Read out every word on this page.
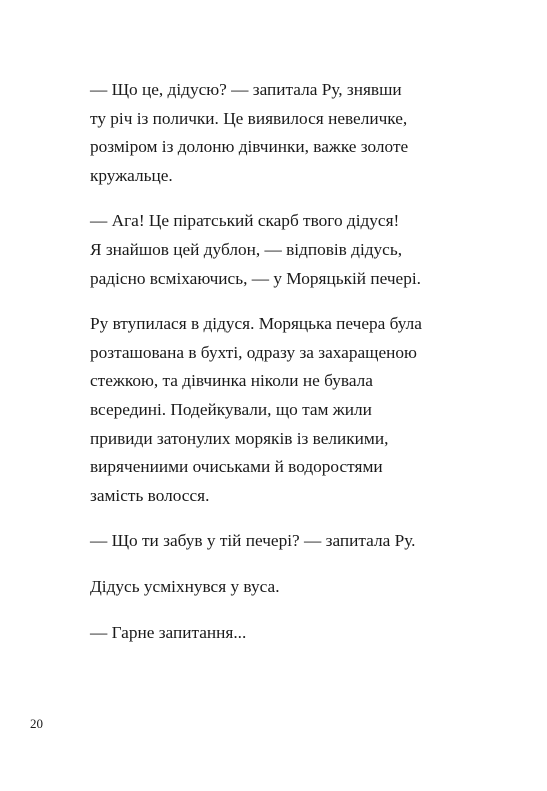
— Що це, дідусю? — запитала Ру, знявши
ту річ із полички. Це виявилося невеличке,
розміром із долоню дівчинки, важке золоте
кружальце.

— Ага! Це піратський скарб твого дідуся!
Я знайшов цей дублон, — відповів дідусь,
радісно всміхаючись, — у Моряцькій печері.

Ру втупилася в дідуся. Моряцька печера була
розташована в бухті, одразу за захаращеною
стежкою, та дівчинка ніколи не бувала
всередині. Подейкували, що там жили
привиди затонулих моряків із великими,
вирячениими очиськами й водоростями
замість волосся.

— Що ти забув у тій печері? — запитала Ру.

Дідусь усміхнувся у вуса.

— Гарне запитання...

20
